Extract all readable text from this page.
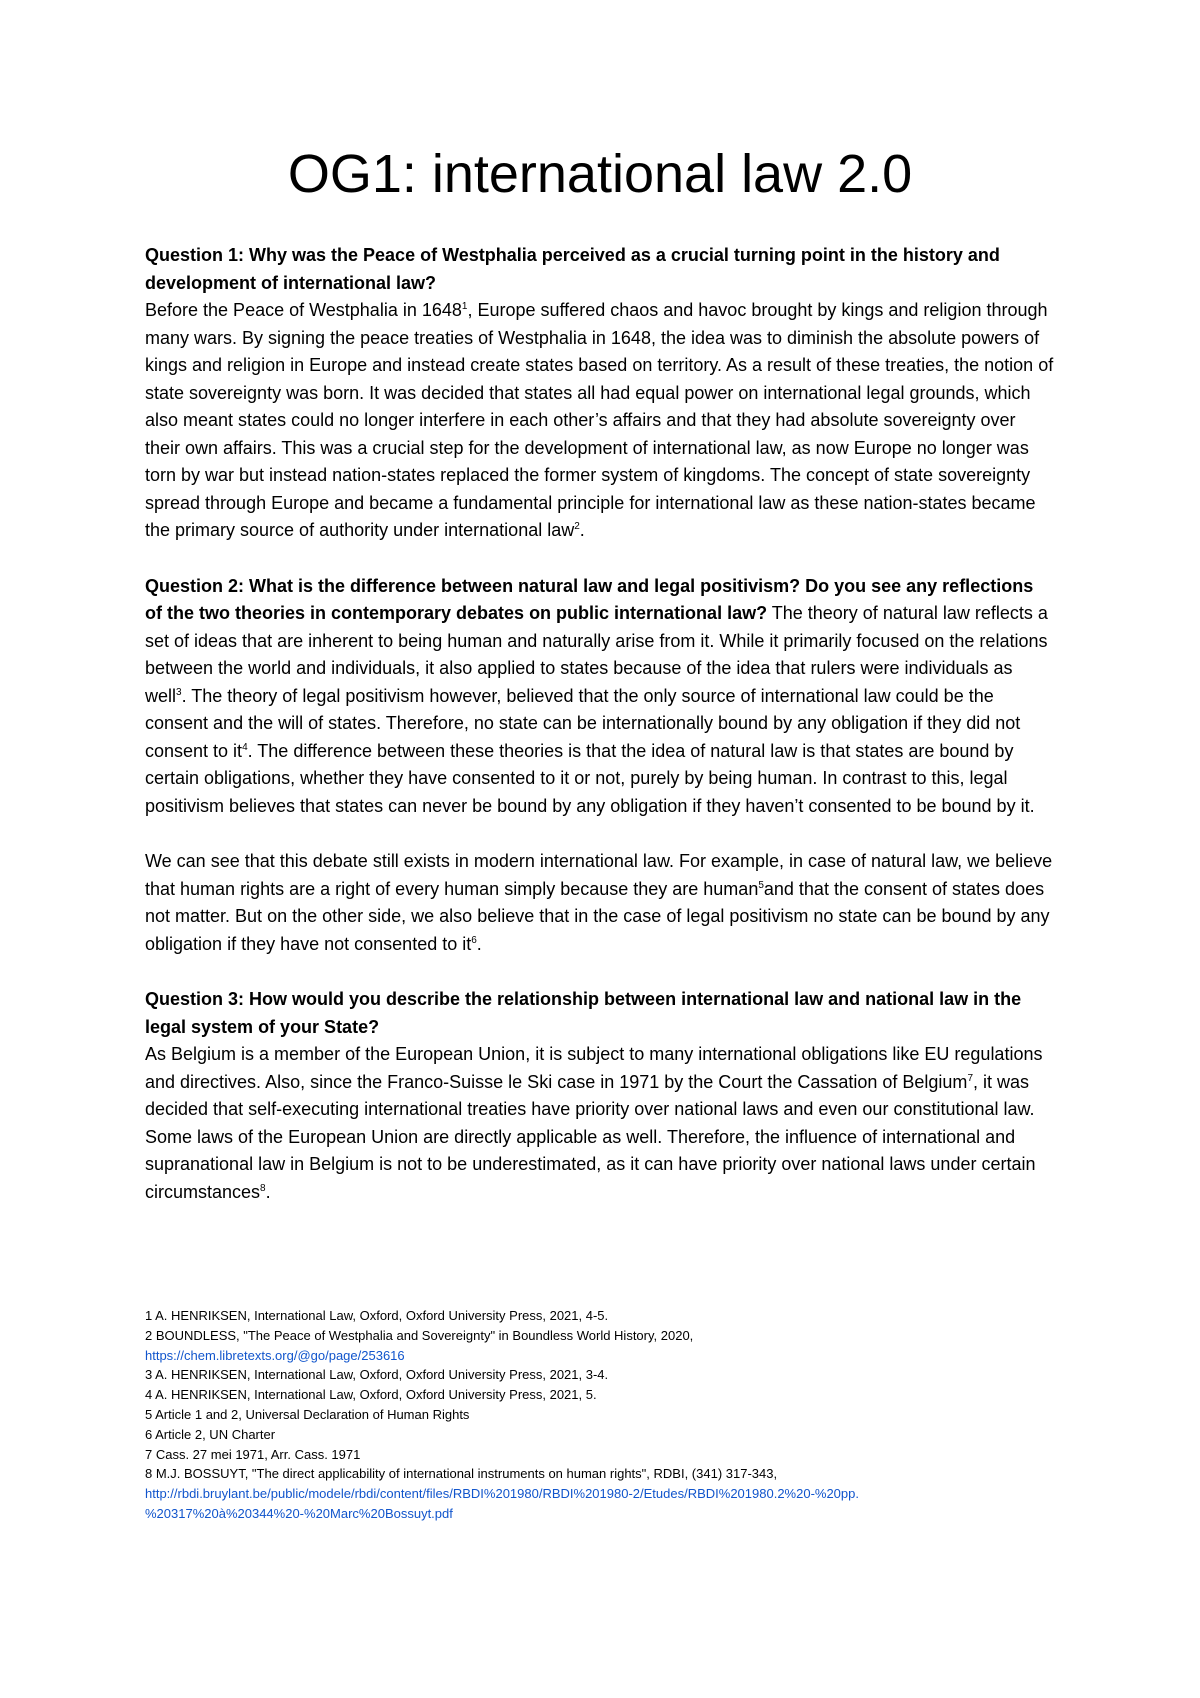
OG1: international law 2.0

Question 1: Why was the Peace of Westphalia perceived as a crucial turning point in the history and development of international law?
Before the Peace of Westphalia in 1648$^1$, Europe suffered chaos and havoc brought by kings and religion through many wars. By signing the peace treaties of Westphalia in 1648, the idea was to diminish the absolute powers of kings and religion in Europe and instead create states based on territory. As a result of these treaties, the notion of state sovereignty was born. It was decided that states all had equal power on international legal grounds, which also meant states could no longer interfere in each other’s affairs and that they had absolute sovereignty over their own affairs. This was a crucial step for the development of international law, as now Europe no longer was torn by war but instead nation-states replaced the former system of kingdoms. The concept of state sovereignty spread through Europe and became a fundamental principle for international law as these nation-states became the primary source of authority under international law$^2$.

Question 2: What is the difference between natural law and legal positivism? Do you see any reflections of the two theories in contemporary debates on public international law? The theory of natural law reflects a set of ideas that are inherent to being human and naturally arise from it. While it primarily focused on the relations between the world and individuals, it also applied to states because of the idea that rulers were individuals as well$^3$. The theory of legal positivism however, believed that the only source of international law could be the consent and the will of states. Therefore, no state can be internationally bound by any obligation if they did not consent to $it^4$. The difference between these theories is that the idea of natural law is that states are bound by certain obligations, whether they have consented to it or not, purely by being human. In contrast to this, legal positivism believes that states can never be bound by any obligation if they haven’t consented to be bound by it.

We can see that this debate still exists in modern international law. For example, in case of natural law, we believe that human rights are a right of every human simply because they are human$^5$and that the consent of states does not matter. But on the other side, we also believe that in the case of legal positivism no state can be bound by any obligation if they have not consented to $it^6$.

Question 3: How would you describe the relationship between international law and national law in the legal system of your State?
As Belgium is a member of the European Union, it is subject to many international obligations like EU regulations and directives. Also, since the Franco-Suisse le Ski case in 1971 by the Court the Cassation of Belgium$^7$, it was decided that self-executing international treaties have priority over national laws and even our constitutional law. Some laws of the European Union are directly applicable as well. Therefore, the influence of international and supranational law in Belgium is not to be underestimated, as it can have priority over national laws under certain circumstances$^8$.

1 A. HENRIKSEN, International Law, Oxford, Oxford University Press, 2021, 4-5.
2 BOUNDLESS, "The Peace of Westphalia and Sovereignty" in Boundless World History, 2020,
https://chem.libretexts.org/@go/page/253616
3 A. HENRIKSEN, International Law, Oxford, Oxford University Press, 2021, 3-4.
4 A. HENRIKSEN, International Law, Oxford, Oxford University Press, 2021, 5.
5 Article 1 and 2, Universal Declaration of Human Rights
6 Article 2, UN Charter
7 Cass. 27 mei 1971, Arr. Cass. 1971
8 M.J. BOSSUYT, "The direct applicability of international instruments on human rights", RDBI, (341) 317-343,
http://rbdi.bruylant.be/public/modele/rbdi/content/files/RBDI%201980/RBDI%201980-2/Etudes/RBDI%201980.2%20-%20pp.
%20317%20à%20344%20-%20Marc%20Bossuyt.pdf
